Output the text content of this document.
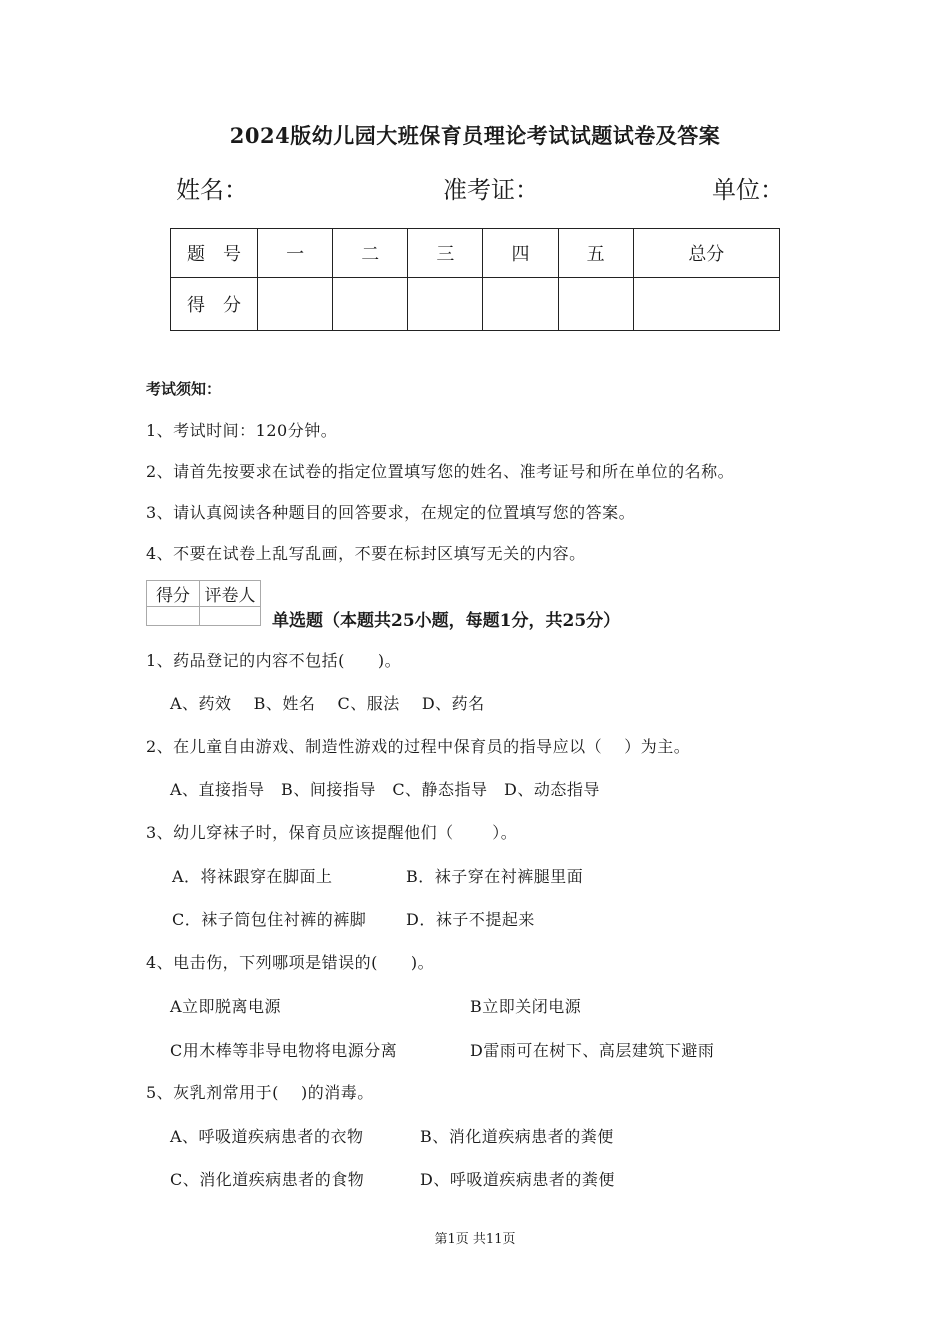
2024版幼儿园大班保育员理论考试试题试卷及答案
姓名：	准考证：	单位：
题　号	一	二	三	四	五	总分
得　分						
考试须知：
1、考试时间：120分钟。
2、请首先按要求在试卷的指定位置填写您的姓名、准考证号和所在单位的名称。
3、请认真阅读各种题目的回答要求，在规定的位置填写您的答案。
4、不要在试卷上乱写乱画，不要在标封区填写无关的内容。
得分	评卷人

单选题（本题共25小题，每题1分，共25分）
1、药品登记的内容不包括(　　)。
A、药效　 B、姓名　 C、服法　 D、药名
2、在儿童自由游戏、制造性游戏的过程中保育员的指导应以（　 ）为主。
A、直接指导　B、间接指导　C、静态指导　D、动态指导
3、幼儿穿袜子时，保育员应该提醒他们（　　 ）。
A．将袜跟穿在脚面上	B．袜子穿在衬裤腿里面
C．袜子筒包住衬裤的裤脚 D．袜子不提起来
4、电击伤，下列哪项是错误的(　　)。
A立即脱离电源	B立即关闭电源
C用木棒等非导电物将电源分离	D雷雨可在树下、高层建筑下避雨
5、灰乳剂常用于(　 )的消毒。
A、呼吸道疾病患者的衣物	B、消化道疾病患者的粪便
C、消化道疾病患者的食物	D、呼吸道疾病患者的粪便
第1页 共11页
